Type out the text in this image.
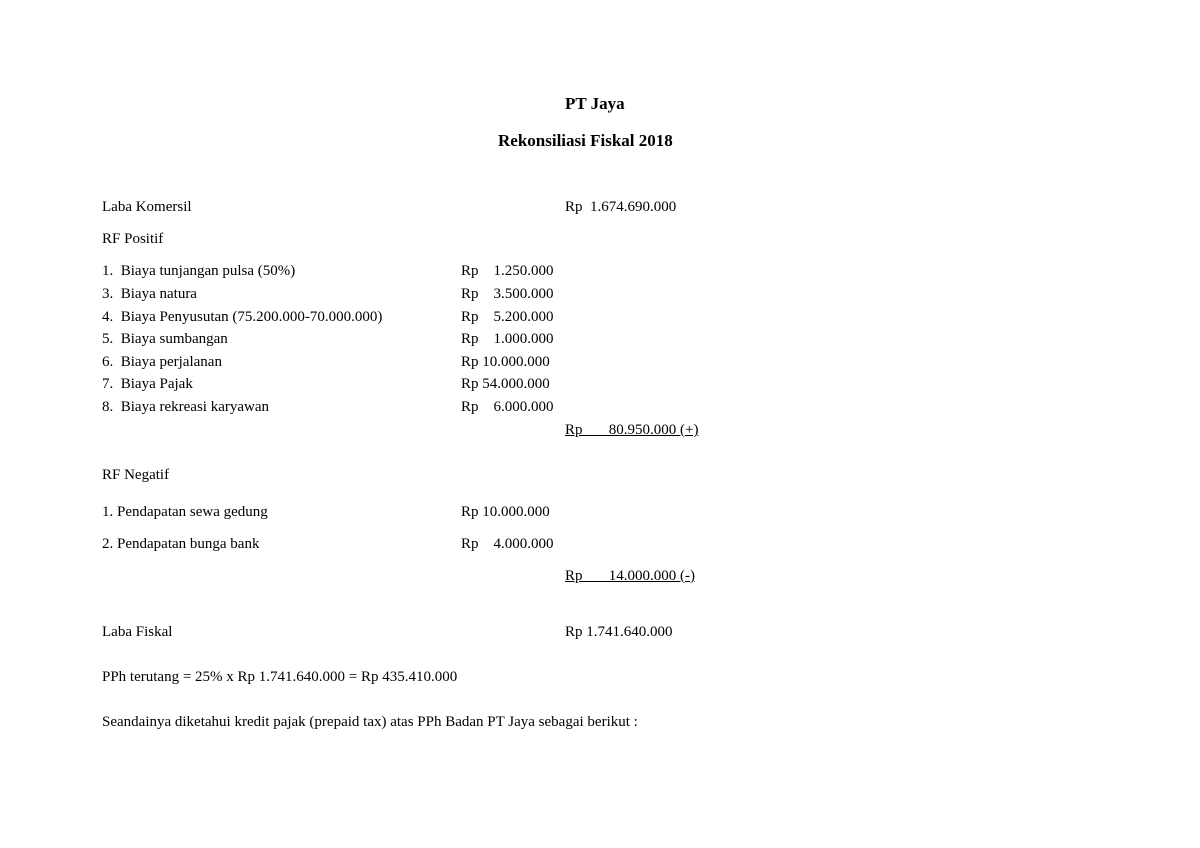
PT Jaya
Rekonsiliasi Fiskal 2018
Laba Komersil	Rp  1.674.690.000
RF Positif
1.  Biaya tunjangan pulsa (50%)	Rp    1.250.000
3.  Biaya natura	Rp    3.500.000
4.  Biaya Penyusutan (75.200.000-70.000.000)	Rp    5.200.000
5.  Biaya sumbangan	Rp    1.000.000
6.  Biaya perjalanan	Rp 10.000.000
7.  Biaya Pajak	Rp 54.000.000
8.  Biaya rekreasi karyawan	Rp    6.000.000
Rp       80.950.000 (+)
RF Negatif
1. Pendapatan sewa gedung	Rp 10.000.000
2. Pendapatan bunga bank	Rp    4.000.000
Rp       14.000.000 (-)
Laba Fiskal	Rp 1.741.640.000
PPh terutang = 25% x Rp 1.741.640.000 = Rp 435.410.000
Seandainya diketahui kredit pajak (prepaid tax) atas PPh Badan PT Jaya sebagai berikut :
